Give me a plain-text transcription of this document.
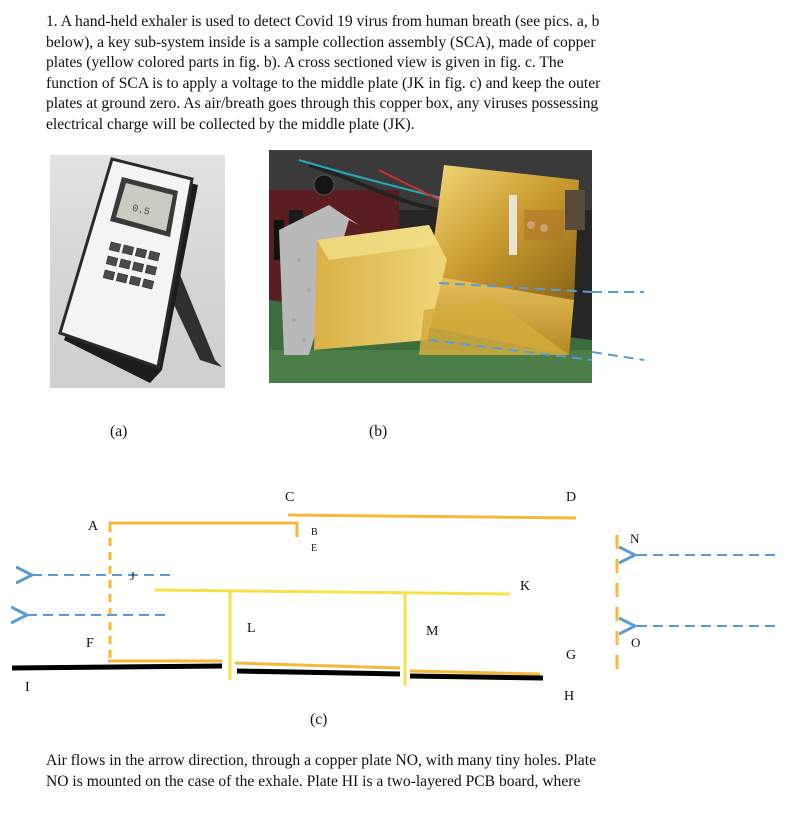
1. A hand-held exhaler is used to detect Covid 19 virus from human breath (see pics. a, b
below), a key sub-system inside is a sample collection assembly (SCA), made of copper
plates (yellow colored parts in fig. b). A cross sectioned view is given in fig. c. The
function of SCA is to apply a voltage to the middle plate (JK in fig. c) and keep the outer
plates at ground zero. As air/breath goes through this copper box, any viruses possessing
electrical charge will be collected by the middle plate (JK).

0.5
(a)	(b)
A	B
E
C	D
J
K
L	M
F
G
H
I
N
O
(c)

Air flows in the arrow direction, through a copper plate NO, with many tiny holes. Plate
NO is mounted on the case of the exhale. Plate HI is a two-layered PCB board, where
